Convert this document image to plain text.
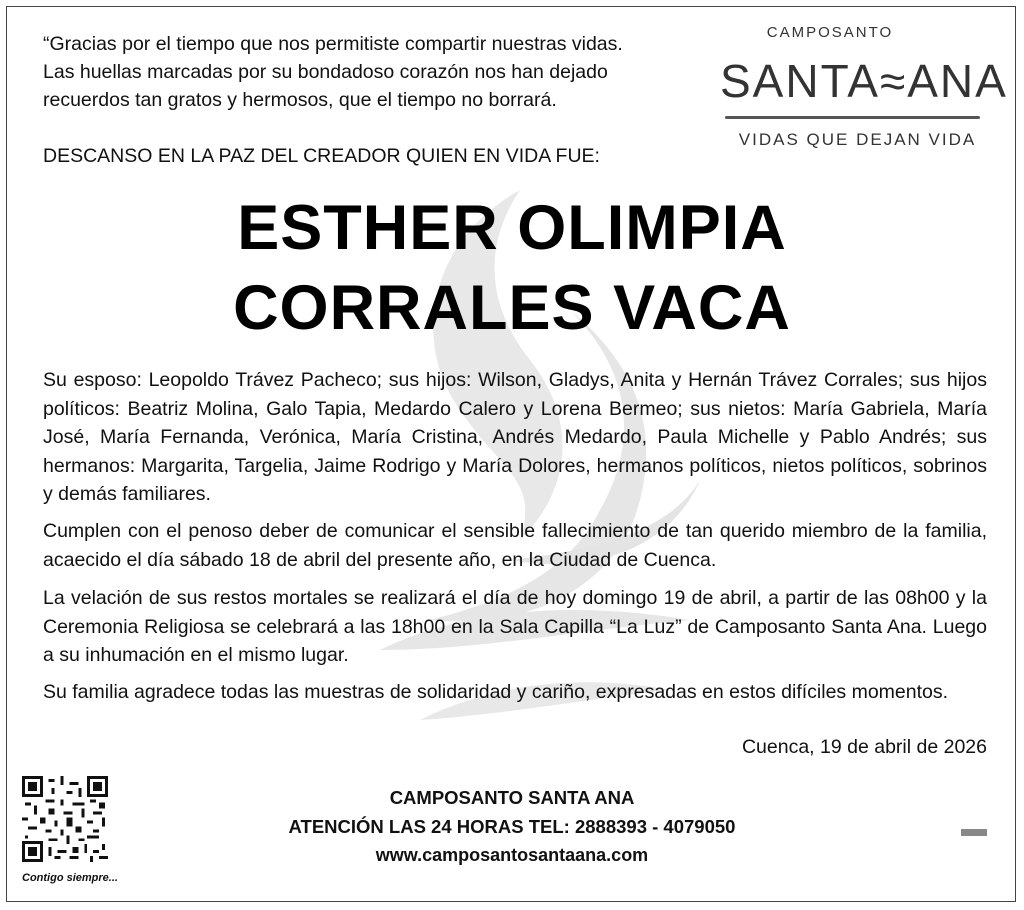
“Gracias por el tiempo que nos permitiste compartir nuestras vidas.
Las huellas marcadas por su bondadoso corazón nos han dejado
recuerdos tan gratos y hermosos, que el tiempo no borrará.
CAMPOSANTO
SANTA≈ANA
VIDAS QUE DEJAN VIDA
DESCANSO EN LA PAZ DEL CREADOR QUIEN EN VIDA FUE:
ESTHER OLIMPIA
CORRALES VACA
Su esposo: Leopoldo Trávez Pacheco; sus hijos: Wilson, Gladys, Anita y Hernán Trávez Corrales; sus hijos políticos: Beatriz Molina, Galo Tapia, Medardo Calero y Lorena Bermeo; sus nietos: María Gabriela, María José, María Fernanda, Verónica, María Cristina, Andrés Medardo, Paula Michelle y Pablo Andrés; sus hermanos: Margarita, Targelia, Jaime Rodrigo y María Dolores, hermanos políticos, nietos políticos, sobrinos y demás familiares.
Cumplen con el penoso deber de comunicar el sensible fallecimiento de tan querido miembro de la familia, acaecido el día sábado 18 de abril del presente año, en la Ciudad de Cuenca.
La velación de sus restos mortales se realizará el día de hoy domingo 19 de abril, a partir de las 08h00 y la Ceremonia Religiosa se celebrará a las 18h00 en la Sala Capilla “La Luz” de Camposanto Santa Ana. Luego a su inhumación en el mismo lugar.
Su familia agradece todas las muestras de solidaridad y cariño, expresadas en estos difíciles momentos.
Cuenca, 19 de abril de 2026
Contigo siempre...
CAMPOSANTO SANTA ANA
ATENCIÓN LAS 24 HORAS TEL: 2888393 - 4079050
www.camposantosantaana.com
